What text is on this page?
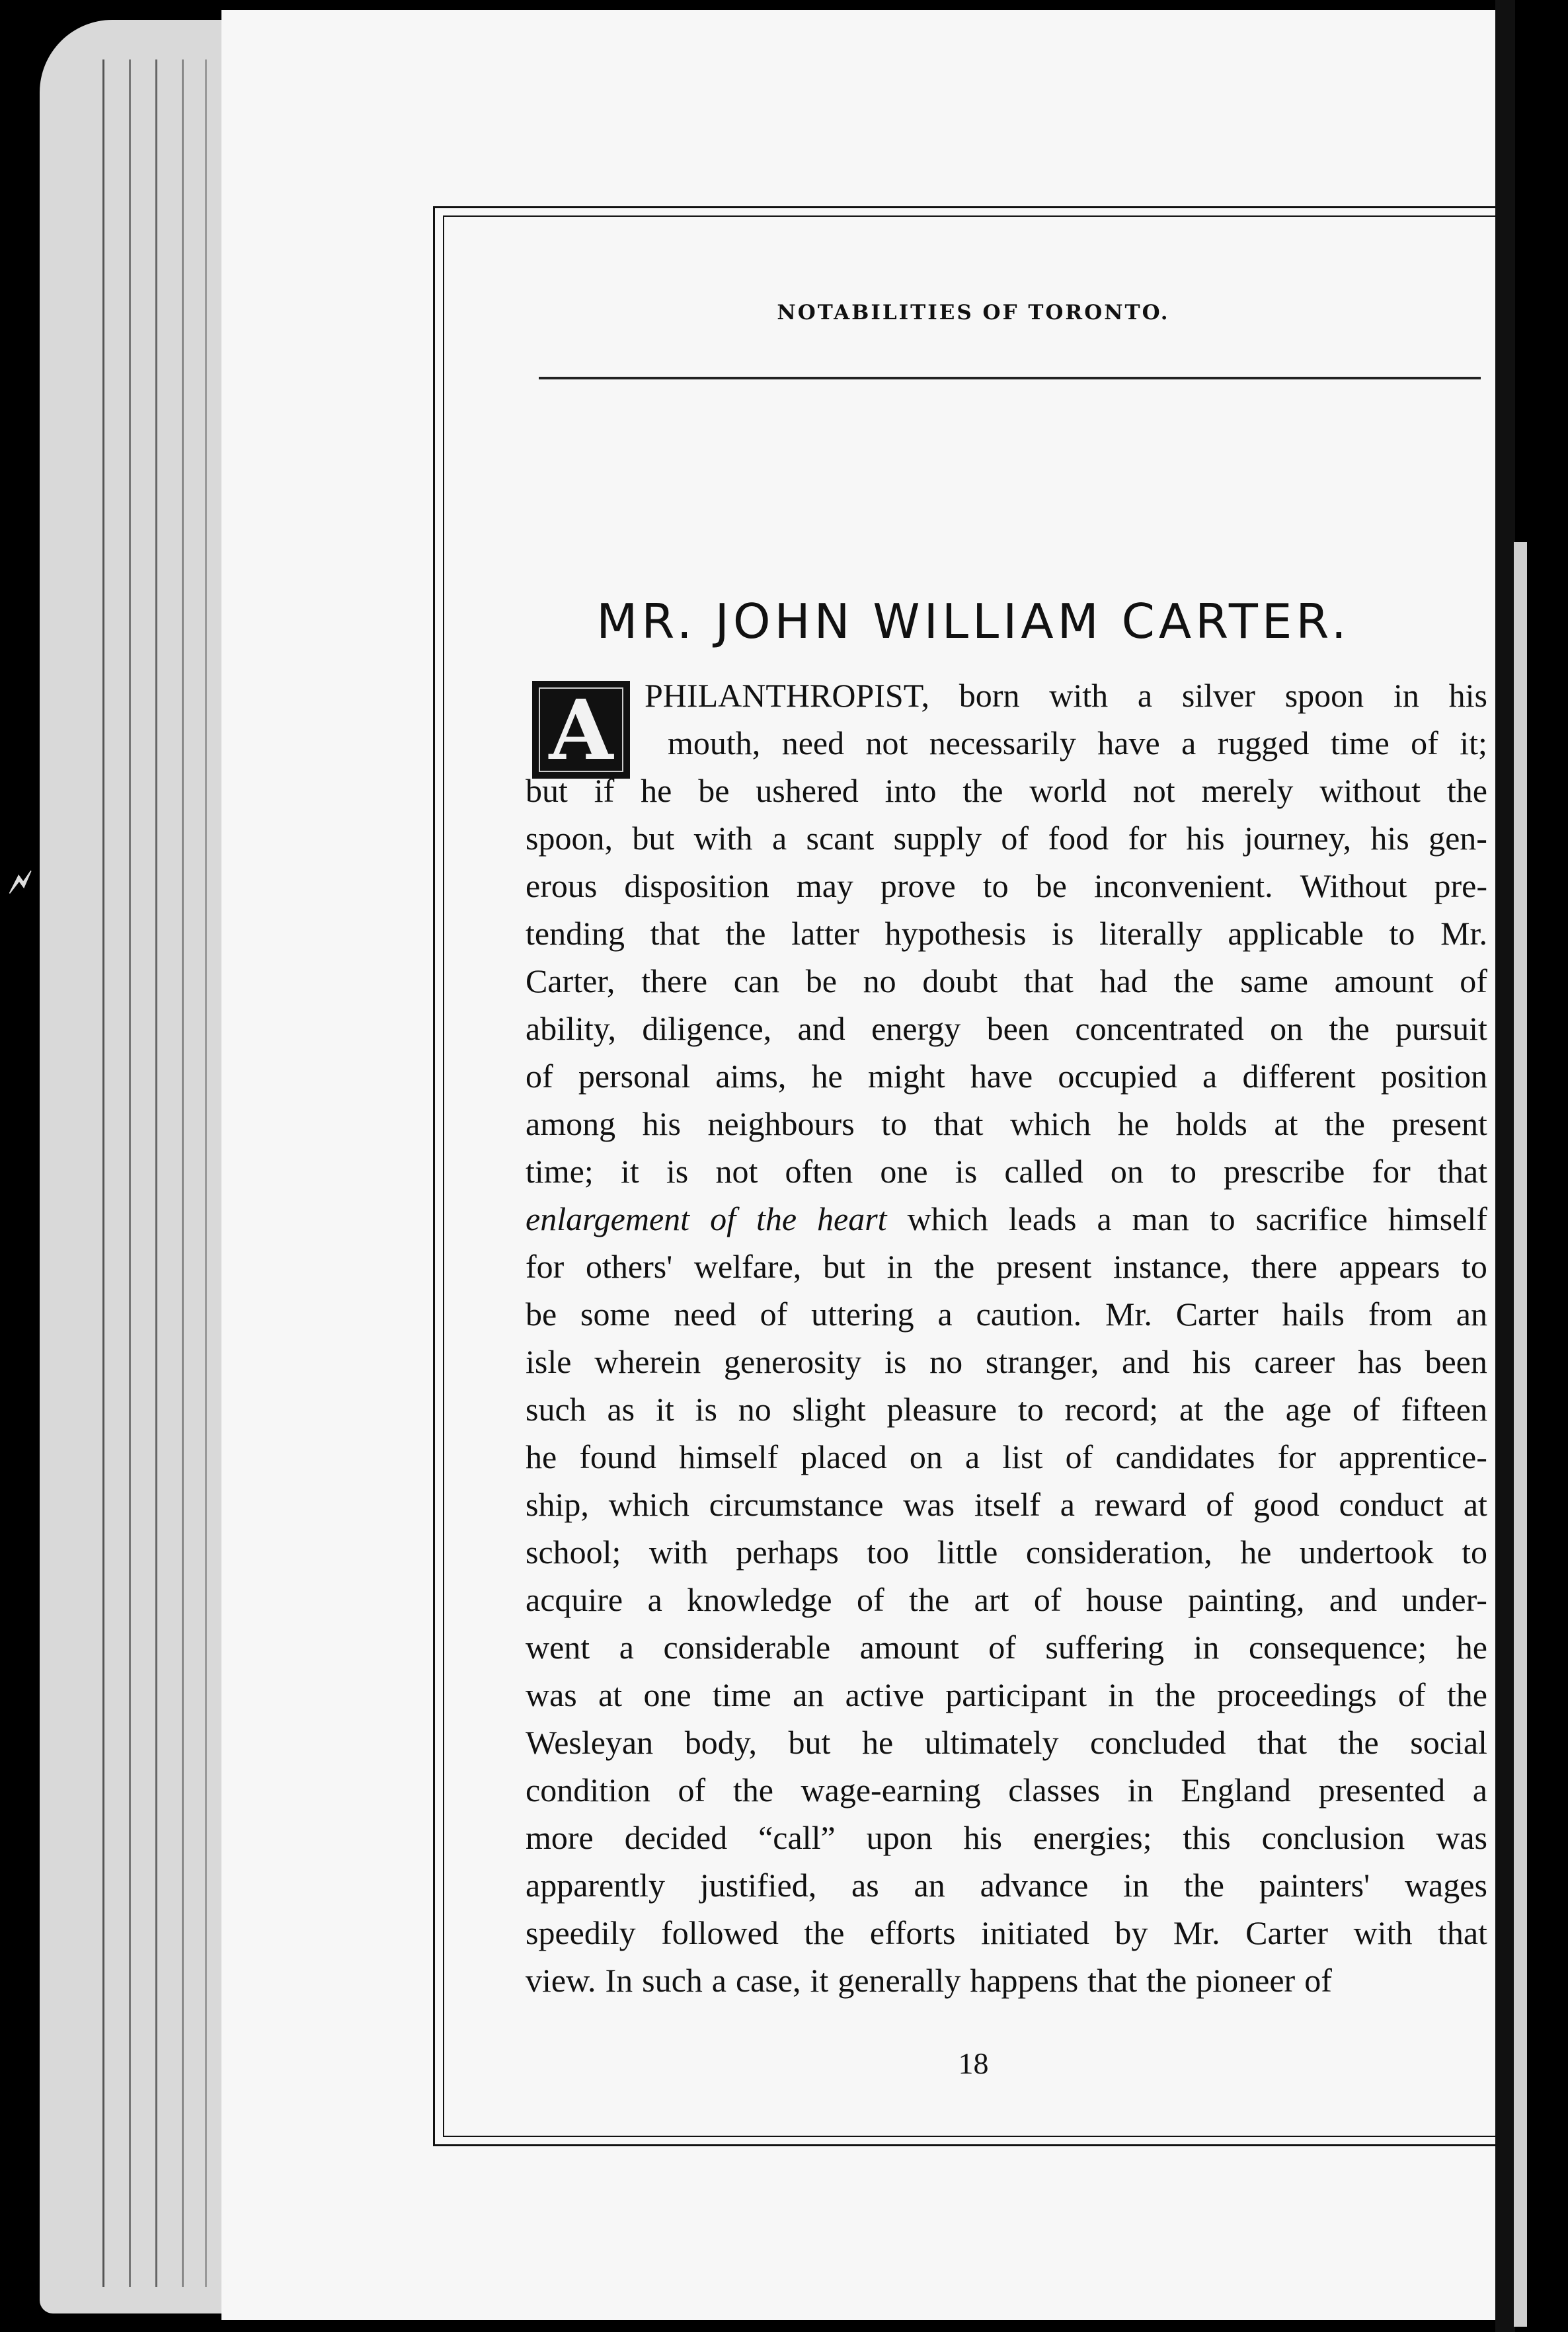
🗲
NOTABILITIES OF TORONTO.
MR. JOHN WILLIAM CARTER.
A PHILANTHROPIST, born with a silver spoon in his
mouth, need not necessarily have a rugged time of it;
but if he be ushered into the world not merely without the
spoon, but with a scant supply of food for his journey, his gen-
erous disposition may prove to be inconvenient. Without pre-
tending that the latter hypothesis is literally applicable to Mr.
Carter, there can be no doubt that had the same amount of
ability, diligence, and energy been concentrated on the pursuit
of personal aims, he might have occupied a different position
among his neighbours to that which he holds at the present
time; it is not often one is called on to prescribe for that
enlargement of the heart which leads a man to sacrifice himself
for others' welfare, but in the present instance, there appears to
be some need of uttering a caution. Mr. Carter hails from an
isle wherein generosity is no stranger, and his career has been
such as it is no slight pleasure to record; at the age of fifteen
he found himself placed on a list of candidates for apprentice-
ship, which circumstance was itself a reward of good conduct at
school; with perhaps too little consideration, he undertook to
acquire a knowledge of the art of house painting, and under-
went a considerable amount of suffering in consequence; he
was at one time an active participant in the proceedings of the
Wesleyan body, but he ultimately concluded that the social
condition of the wage-earning classes in England presented a
more decided “call” upon his energies; this conclusion was
apparently justified, as an advance in the painters' wages
speedily followed the efforts initiated by Mr. Carter with that
view. In such a case, it generally happens that the pioneer of
18
